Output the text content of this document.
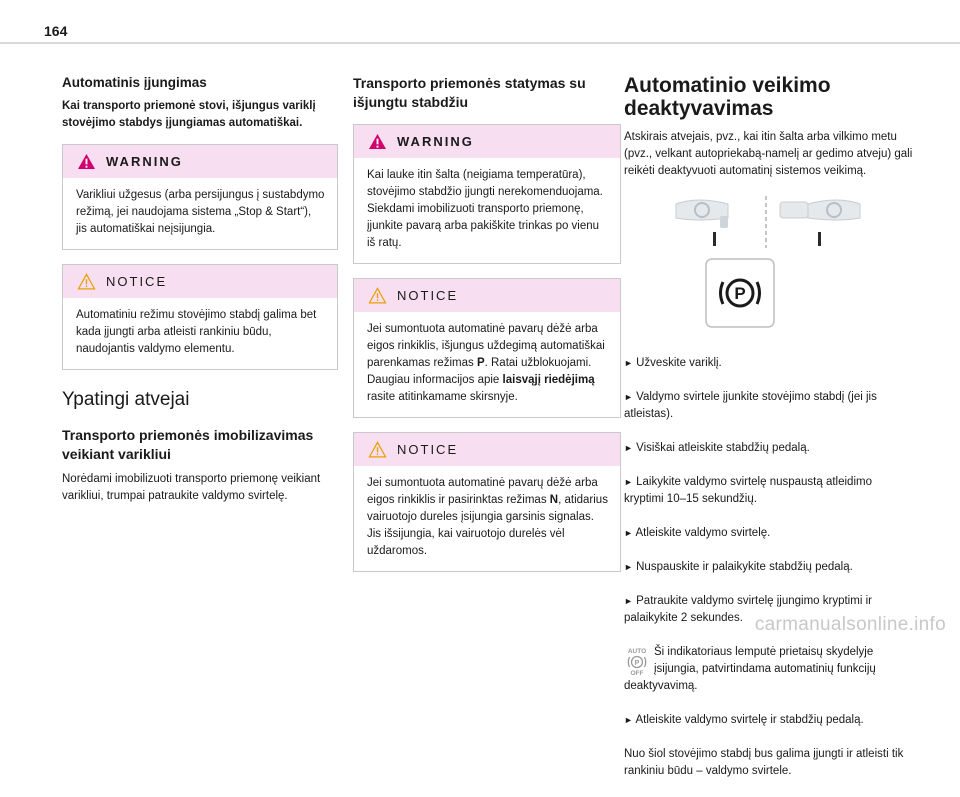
164
Automatinis įjungimas
Kai transporto priemonė stovi, išjungus variklį stovėjimo stabdys įjungiamas automatiškai.
WARNING
Varikliui užgesus (arba persijungus į sustabdymo režimą, jei naudojama sistema „Stop & Start“), jis automatiškai neįsijungia.
NOTICE
Automatiniu režimu stovėjimo stabdį galima bet kada įjungti arba atleisti rankiniu būdu, naudojantis valdymo elementu.
Ypatingi atvejai
Transporto priemonės imobilizavimas veikiant varikliui
Norėdami imobilizuoti transporto priemonę veikiant varikliui, trumpai patraukite valdymo svirtelę.
Transporto priemonės statymas su išjungtu stabdžiu
WARNING
Kai lauke itin šalta (neigiama temperatūra), stovėjimo stabdžio įjungti nerekomenduojama.
Siekdami imobilizuoti transporto priemonę, įjunkite pavarą arba pakiškite trinkas po vienu iš ratų.
NOTICE
Jei sumontuota automatinė pavarų dėžė arba eigos rinkiklis, išjungus uždegimą automatiškai parenkamas režimas P. Ratai užblokuojami.
Daugiau informacijos apie laisvąjį riedėjimą rasite atitinkamame skirsnyje.
NOTICE
Jei sumontuota automatinė pavarų dėžė arba eigos rinkiklis ir pasirinktas režimas N, atidarius vairuotojo dureles įsijungia garsinis signalas. Jis išsijungia, kai vairuotojo durelės vėl uždaromos.
Automatinio veikimo deaktyvavimas
Atskirais atvejais, pvz., kai itin šalta arba vilkimo metu (pvz., velkant autopriekabą-namelį ar gedimo atveju) gali reikėti deaktyvuoti automatinį sistemos veikimą.
P

► Užveskite variklį.

► Valdymo svirtele įjunkite stovėjimo stabdį (jei jis atleistas).

► Visiškai atleiskite stabdžių pedalą.

► Laikykite valdymo svirtelę nuspaustą atleidimo kryptimi 10–15 sekundžių.

► Atleiskite valdymo svirtelę.

► Nuspauskite ir palaikykite stabdžių pedalą.

► Patraukite valdymo svirtelę įjungimo kryptimi ir palaikykite 2 sekundes.

AUTO
P
OFF
Ši indikatoriaus lemputė prietaisų skydelyje įsijungia, patvirtindama automatinių funkcijų deaktyvavimą.

► Atleiskite valdymo svirtelę ir stabdžių pedalą.

Nuo šiol stovėjimo stabdį bus galima įjungti ir atleisti tik rankiniu būdu – valdymo svirtele.

carmanualsonline.info
